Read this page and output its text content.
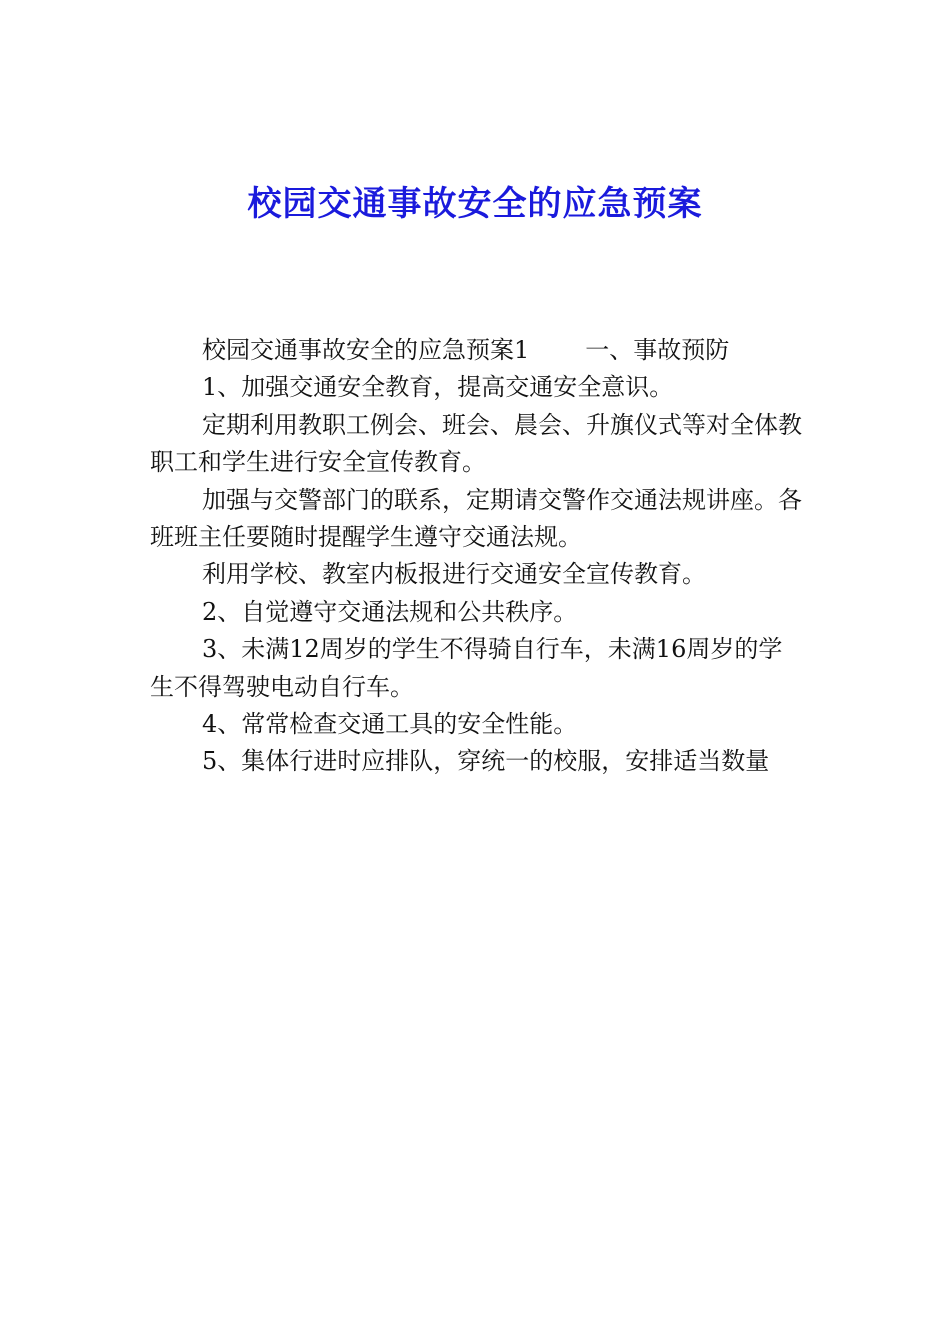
校园交通事故安全的应急预案

校园交通事故安全的应急预案1 一、事故预防

1、加强交通安全教育，提高交通安全意识。

定期利用教职工例会、班会、晨会、升旗仪式等对全体教职工和学生进行安全宣传教育。

加强与交警部门的联系，定期请交警作交通法规讲座。各班班主任要随时提醒学生遵守交通法规。

利用学校、教室内板报进行交通安全宣传教育。

2、自觉遵守交通法规和公共秩序。

3、未满12周岁的学生不得骑自行车，未满16周岁的学生不得驾驶电动自行车。

4、常常检查交通工具的安全性能。

5、集体行进时应排队，穿统一的校服，安排适当数量
